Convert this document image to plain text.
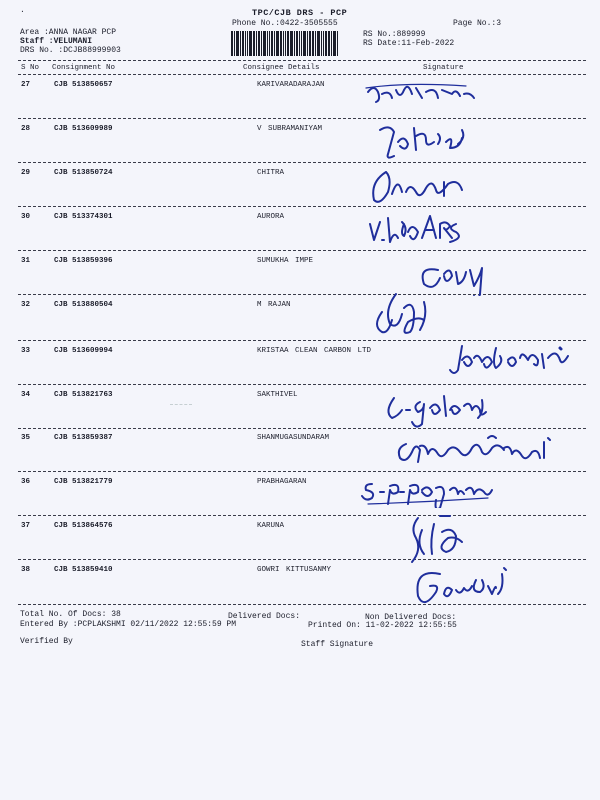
.	TPC/CJB DRS - PCP
Phone No.:0422-3505555	Page No.:3
Area :ANNA NAGAR PCP
Staff :VELUMANI
DRS No. :DCJB88999903
RS No.:889999
RS Date:11-Feb-2022
S No Consignment No	Consignee Details	Signature
27	CJB 513850657	KARIVARADARAJAN
28	CJB 513609989	V SUBRAMANIYAM
29	CJB 513850724	CHITRA
30	CJB 513374301	AURORA
31	CJB 513859396	SUMUKHA IMPE
32	CJB 513880504	M RAJAN
33	CJB 513609994	KRISTAA CLEAN CARBON LTD
34	CJB 513821763	SAKTHIVEL
35	CJB 513859387	SHANMUGASUNDARAM
36	CJB 513821779	PRABHAGARAN
37	CJB 513864576	KARUNA
38	CJB 513859410	GOWRI KITTUSANMY
Total No. Of Docs: 38	Delivered Docs:	Non Delivered Docs:
Entered By :PCPLAKSHMI 02/11/2022 12:55:59 PM	Printed On: 11-02-2022 12:55:55
Verified By	Staff Signature
